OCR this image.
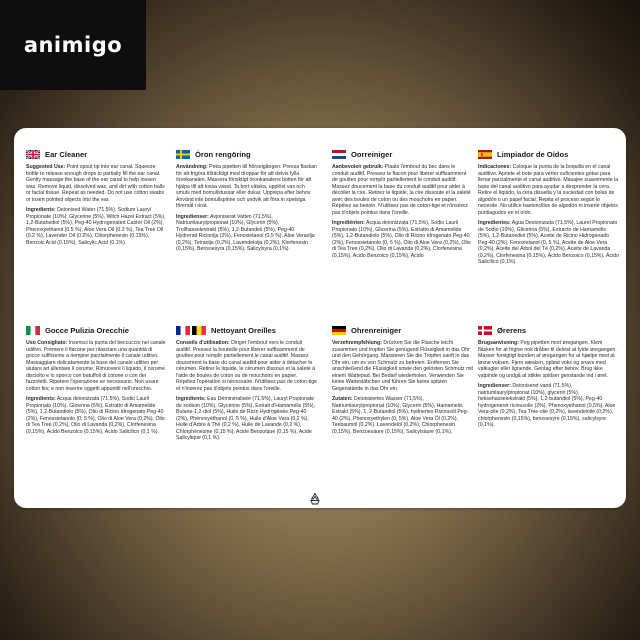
animigo
Ear Cleaner

Suggested Use: Point spout tip into ear canal. Squeeze bottle to release enough drops to partially fill the ear canal. Gently massage the base of the ear canal to help loosen wax. Remove liquid, dissolved wax, and dirt with cotton balls or facial tissue. Repeat as needed. Do not use cotton swabs or insert pointed objects into the ear.

Ingredients: Deionised Water (71.5%), Sodium Lauryl Propionate (10%), Glycerine (5%), Witch Hazel Extract (5%), 1,2-Butanediol (5%), Peg-40 Hydrogenated Castor Oil (2%), Phenoxyethanol (0.5 %), Aloe Vera Oil (0.2 %), Tea Tree Oil (0.2 %), Lavender Oil (0.2%), Chlorphenesin (0.15%), Benzoic Acid (0.15%), Salicylic Acid (0.1%).

Öron rengöring

Användning: Peka pipetten till hörselgången. Pressa flaskan för att frigöra tillräckligt med droppar för att delvis fylla öronkanalen. Massera försiktigt öronkanalens botten för att hjälpa till att lossa vaxet. Ta bort vätska, upplöst vax och smuts med bomullstussar eller dukar. Upprepa efter behov. Använd inte bomullspinne och undvik att föra in spetsiga föremål i örat.

Ingredienser: Avjoniserat Vatten (71,5%), Natriumlaurylpropionat (10%), Glycerin (5%), Trollhasselextrakt (5%), 1,2-Butandiol (5%), Peg-40 Hydrerad Ricinolja (2%), Fenoxietanol (0,5 %), Aloe Veraolja (0,2%), Tetraolja (0,2%), Lavendelolja (0,2%), Klorfenesin (0,15%), Bensoesyra (0,15%), Salicylsyra (0,1%).

Oorreiniger

Aanbevolen gebruik: Plaats l'embout du bec dans le conduit auditif. Pressez le flacon pour libérer suffisamment de gouttes pour remplir partiellement le conduit auditif. Massez doucement la base du conduit auditif pour aider à décoller la cire. Retirez le liquide, la cire dissoute et la saleté avec des boules de coton ou des mouchoirs en papier. Répétez au besoin. N'utilisez pas de coton-tige et n'insérez pas d'objets pointus dans l'oreille.

Ingrediënten: Acqua deionizzata (71,5%), Sodio Lauril Propionato (10%), Glicerina (5%), Estratto di Amamelide (5%), 1,2-Butandiolo (5%), Olio di Ricino Idrogenato Peg-40 (2%), Fenossietanolo (0, 5 %), Olio di Aloe Vera (0,2%), Olio di Tea Tree (0,2%), Olio di Lavanda (0,2%), Clorfenesina (0,15%), Acido Benzoico (0,15%), Acido

Limpiador de Oídos

Indicaciones: Coloque la punta de la boquilla en el canal auditivo. Apriete el bote para verter suficientes gotas para llenar parcialmente el canal auditivo. Masajee suavemente la base del canal auditivo para ayudar a desprender la cera. Retire el líquido, la cera disuelta y la suciedad con bolas de algodón o un papel facial. Repita el proceso según lo necesite. No utilice bastoncillos de algodón ni inserte objetos puntiagudos en el oído.

Ingredientes: Agua Desionizada (71,5%), Laurel Propionato de Sodio (10%), Glicerina (5%), Extracto de Hamamelis (5%), 1,2-Butanediol (5%), Aceite de Ricino Hidrogenado Peg-40 (2%), Fenoxietanol (0, 5 %), Aceite de Aloe Vera (0,2%), Aceite del Árbol del Té (0,2%), Aceite de Lavanda (0,2%), Clorfenesina (0,15%), Ácido Benzoico (0,15%), Ácido Salicílico (0,1%).

Gocce Pulizia Orecchie

Uso Consigliato: Inserisci la punta del beccuccio nel canale uditivo. Premere il flacone per rilasciare una quantità di gocce sufficiente a riempire parzialmente il canale uditivo. Massaggiare delicatamente la base del canale uditivo per aiutare ad allentare il cerume. Rimuovere il liquido, il cerume disciolto e lo sporco con batuffoli di cotone o con dei fazzoletti. Ripetere l'operazione se necessario. Non usare cotton fioc e non inserire oggetti appuntiti nell'orecchio.

Ingredients: Acqua deionizzata (71,5%), Sodio Lauril Propionato (10%), Glicerina (5%), Estratto di Amamelide (5%), 1,2-Butandiolo (5%), Olio di Ricino Idrogenato Peg-40 (2%), Fenossietanolo (0, 5 %), Olio di Aloe Vera (0,2%), Olio di Tea Tree (0,2%), Olio di Lavanda (0,2%), Clorfenesina (0,15%), Acido Benzoico (0,15%), Acido Salicilico (0,1 %).

Nettoyant Oreilles

Conseils d'utilisation: Diriger l'embout vers le conduit auditif. Pressez la bouteille pour libérer suffisamment de gouttes pour remplir partiellement le canal auditif. Massez doucement la base du canal auditif pour aider à détacher le cérumen. Retirer le liquide, le cérumen dissous et la saleté à l'aide de boules de coton ou de mouchoirs en papier. Répétez l'opération si nécessaire. N'utilisez pas de coton-tige et n'insérez pas d'objets pointus dans l'oreille.

Ingrédients: Eau Déminéralisée (71,5%), Lauryl Propionate de sodium (10%), Glycérine (5%), Extrait d'Hamamélis (5%), Butane-1,2-diol (5%), Huile de Ricin Hydrogénée Peg-40 (2%), Phénoxyéthanol (0, 5 %), Huile d'Aloe Vera (0,2 %), Huile d'Arbre à Thé (0,2 %), Huile de Lavande (0,2 %), Chlorphénésine (0,15 %), Acide Benzoïque (0,15 %), Acide Salicylique (0,1 %).

Ohrenreiniger

Verzehrempfehlung: Drücken Sie die Flasche leicht zusammen und tropfen Sie genügend Flüssigkeit in das Ohr und den Gehörgang. Massieren Sie die Tropfen sanft in das Ohr ein, um es von Schmutz zu befreien. Entfernen Sie anschließend die Flüssigkeit sowie den gelösten Schmutz mit einem Wattepad. Bei Bedarf wiederholen. Verwenden Sie keine Wattestäbchen und führen Sie keine spitzen Gegenstände in das Ohr ein.

Zutaten: Deionisiertes Wasser (71,5%), Natriumlaurylpropionat (10%), Glycerin (5%), Hamamelis Extrakt (5%), 1, 2-Butandiol (5%), hydriertes Rizinusöl Peg-40 (2%), Phenoxyethylen (0, 5%), Aloe Vera Öl (0,2%), Teebaumöl (0,2%), Lavendelöl (0,2%), Chlorphenesin (0,15%), Benzoesäure (0,15%), Salicylsäure (0,1%).

Ørerens

Brugsanvisning: Peg pipetten mod øregangen. Klem flasken for at frigive nok dråber til delvist at fylde øregangen. Masser forsigtigt bunden af øregangen for at hjælpe med at løsne voksen. Fjern væsken, opløst voks og snavs med vatkugler eller lignende. Gentag efter behov. Brug ikke vatpinde og undgå at stikke spidser genstande ind i øret.

Ingredienser: Deioniseret vand (71,5%), natriumlaurylpropionat (10%), glycerin (5%), heksehasselekstrakt (5%), 1,2-butandiol (5%), Peg-40 hydrogeneret ricinusolie (2%), Phenoxyethanol (0,5%), Aloe Vera-olie (0,2%), Tea Tree-olie (0,2%), lavendelolie (0,2%), chlorphenesin (0,15%), benzoesyre (0,15%), salicylsyre (0,1%).
